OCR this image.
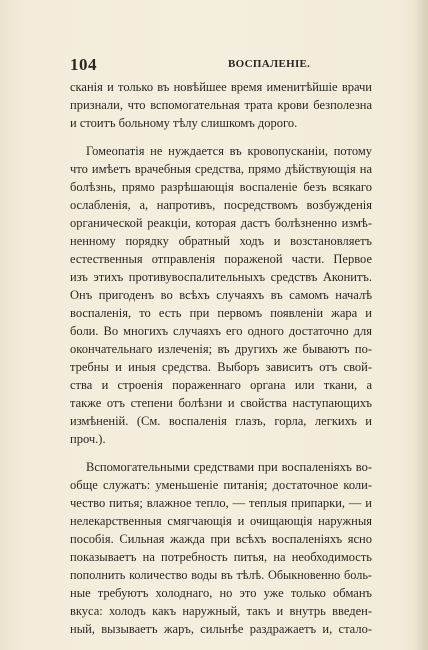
104	ВОСПАЛЕНІЕ.
сканія и только въ новѣйшее время именитѣйшіе врачи
признали, что вспомогательная трата крови безполезна
и стоитъ больному тѣлу слишкомъ дорого.
Гомеопатія не нуждается въ кровопусканіи, потому
что имѣетъ врачебныя средства, прямо дѣйствующія на
болѣзнь, прямо разрѣшающія воспаленіе безъ всякаго
ослабленія, а, напротивъ, посредствомъ возбужденія
органической реакціи, которая дастъ болѣзненно измѣ-
ненному порядку обратный ходъ и возстановляетъ
естественныя отправленія пораженой части. Первое
изъ этихъ противувоспалительныхъ средствъ Аконитъ.
Онъ пригоденъ во всѣхъ случаяхъ въ самомъ началѣ
воспаленія, то есть при первомъ появленіи жара и
боли. Во многихъ случаяхъ его одного достаточно для
окончательнаго излеченія; въ другихъ же бываютъ по-
требны и иныя средства. Выборъ зависитъ отъ свой-
ства и строенія пораженнаго органа или ткани, а
также отъ степени болѣзни и свойства наступающихъ
измѣненій. (См. воспаленія глазъ, горла, легкихъ и
проч.).
Вспомогательными средствами при воспаленіяхъ во-
обще служатъ: уменьшеніе питанія; достаточное коли-
чество питья; влажное тепло, — теплыя припарки, — и
нелекарственныя смягчающія и очищающія наружныя
пособія. Сильная жажда при всѣхъ воспаленіяхъ ясно
показываетъ на потребность питья, на необходимость
пополнить количество воды въ тѣлѣ. Обыкновенно боль-
ные требуютъ холоднаго, но это уже только обманъ
вкуса: холодъ какъ наружный, такъ и внутрь введен-
ный, вызываетъ жаръ, сильнѣе раздражаетъ и, стало-
